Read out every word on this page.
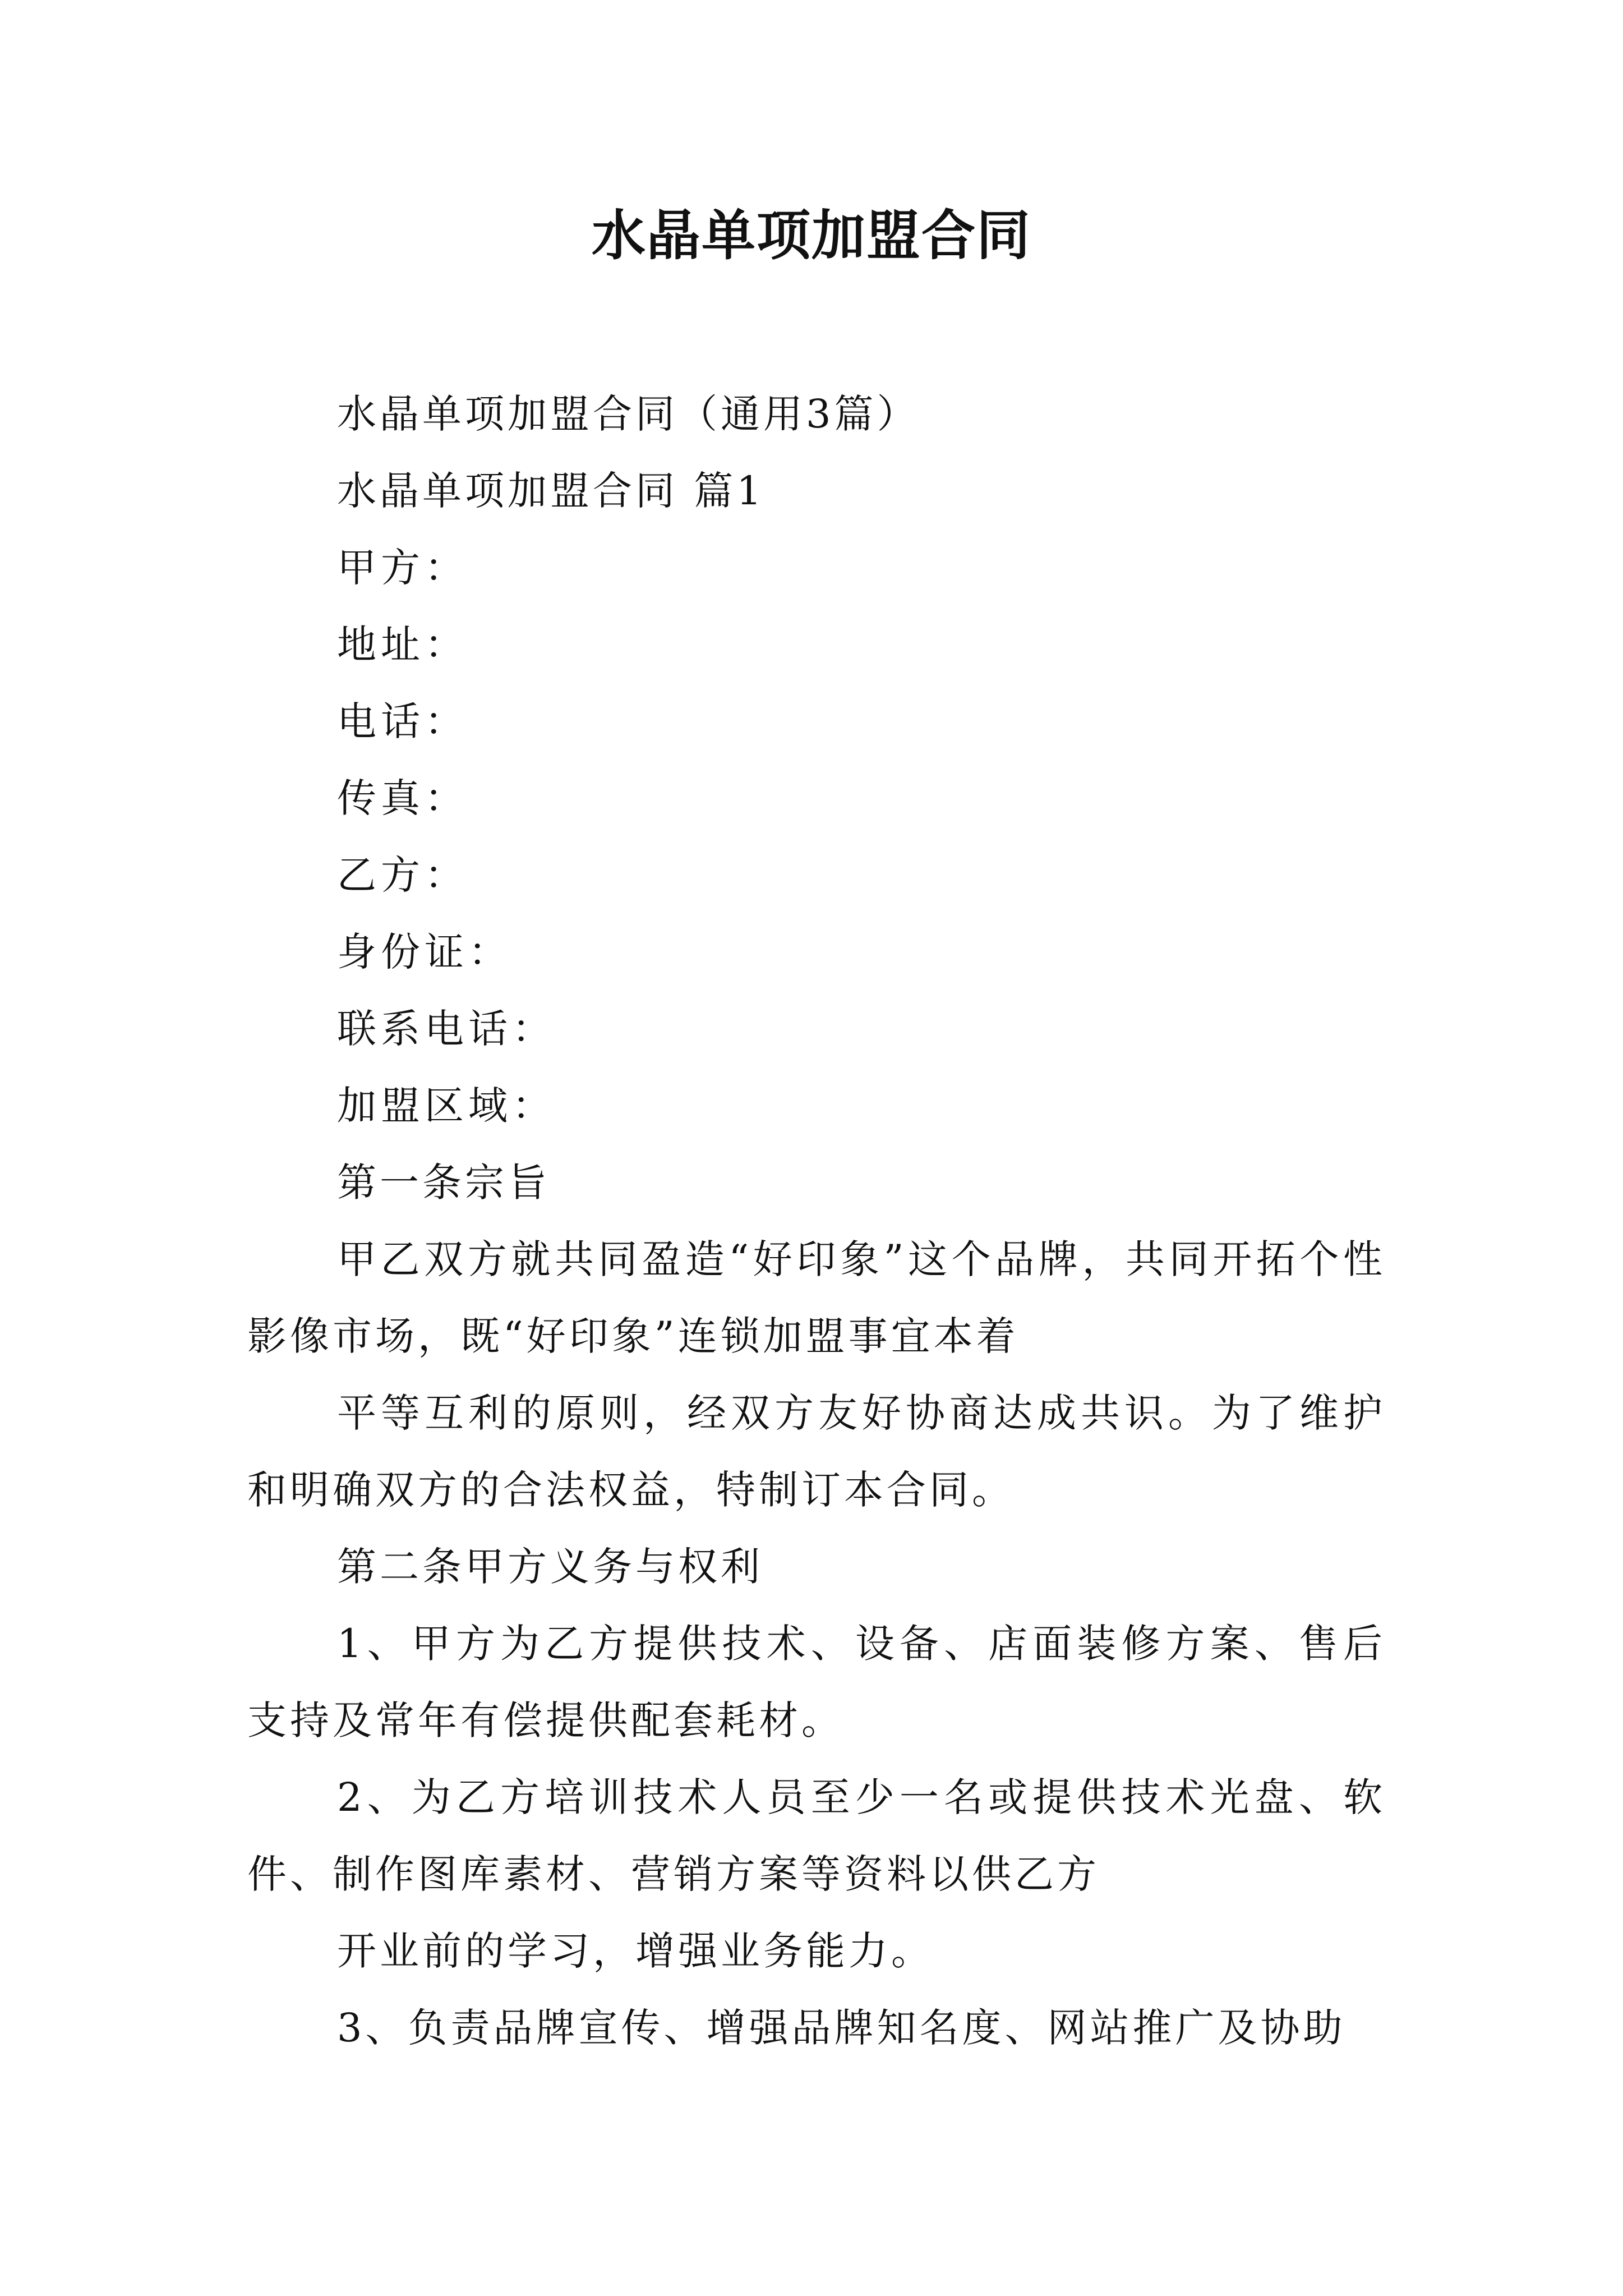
水晶单项加盟合同

水晶单项加盟合同（通用3篇）

水晶单项加盟合同 篇1

甲方：

地址：

电话：

传真：

乙方：

身份证：

联系电话：

加盟区域：

第一条宗旨

甲乙双方就共同盈造“好印象”这个品牌，共同开拓个性影像市场，既“好印象”连锁加盟事宜本着

平等互利的原则，经双方友好协商达成共识。为了维护和明确双方的合法权益，特制订本合同。

第二条甲方义务与权利

1、甲方为乙方提供技术、设备、店面装修方案、售后支持及常年有偿提供配套耗材。

2、为乙方培训技术人员至少一名或提供技术光盘、软件、制作图库素材、营销方案等资料以供乙方

开业前的学习，增强业务能力。

3、负责品牌宣传、增强品牌知名度、网站推广及协助
